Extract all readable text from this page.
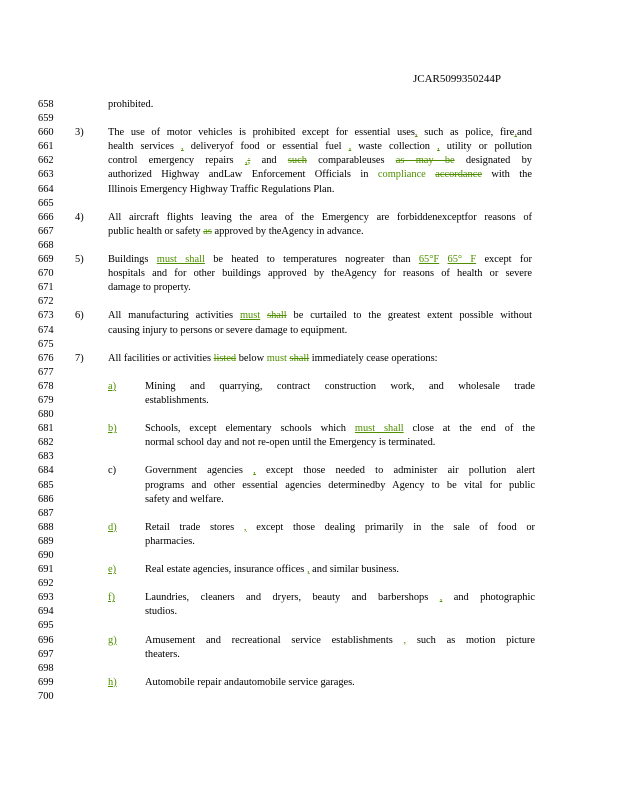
JCAR5099350244P
658	prohibited.
659
660	3) The use of motor vehicles is prohibited except for essential uses, such as police, fire,and
661	health services , deliveryof food or essential fuel , waste collection , utility or pollution
662	control emergency repairs ,; and such comparableuses as may be designated by
663	authorized Highway andLaw Enforcement Officials in compliance accordance with the
664	Illinois Emergency Highway Traffic Regulations Plan.
665
666	4) All aircraft flights leaving the area of the Emergency are forbiddenexceptfor reasons of
667	public health or safety as approved by theAgency in advance.
668
669	5) Buildings must shall be heated to temperatures nogreater than 65°F 65° F except for
670	hospitals and for other buildings approved by theAgency for reasons of health or severe
671	damage to property.
672
673	6) All manufacturing activities must shall be curtailed to the greatest extent possible without
674	causing injury to persons or severe damage to equipment.
675
676	7) All facilities or activities listed below must shall immediately cease operations:
677
678	a)	Mining and quarrying, contract construction work, and wholesale trade
679	establishments.
680
681	b)	Schools, except elementary schools which must shall close at the end of the
682	normal school day and not re-open until the Emergency is terminated.
683
684	c)	Government agencies , except those needed to administer air pollution alert
685	programs and other essential agencies determinedby Agency to be vital for public
686	safety and welfare.
687
688	d)	Retail trade stores , except those dealing primarily in the sale of food or
689	pharmacies.
690
691	e)	Real estate agencies, insurance offices , and similar business.
692
693	f)	Laundries, cleaners and dryers, beauty and barbershops , and photographic
694	studios.
695
696	g)	Amusement and recreational service establishments , such as motion picture
697	theaters.
698
699	h)	Automobile repair andautomobile service garages.
700
